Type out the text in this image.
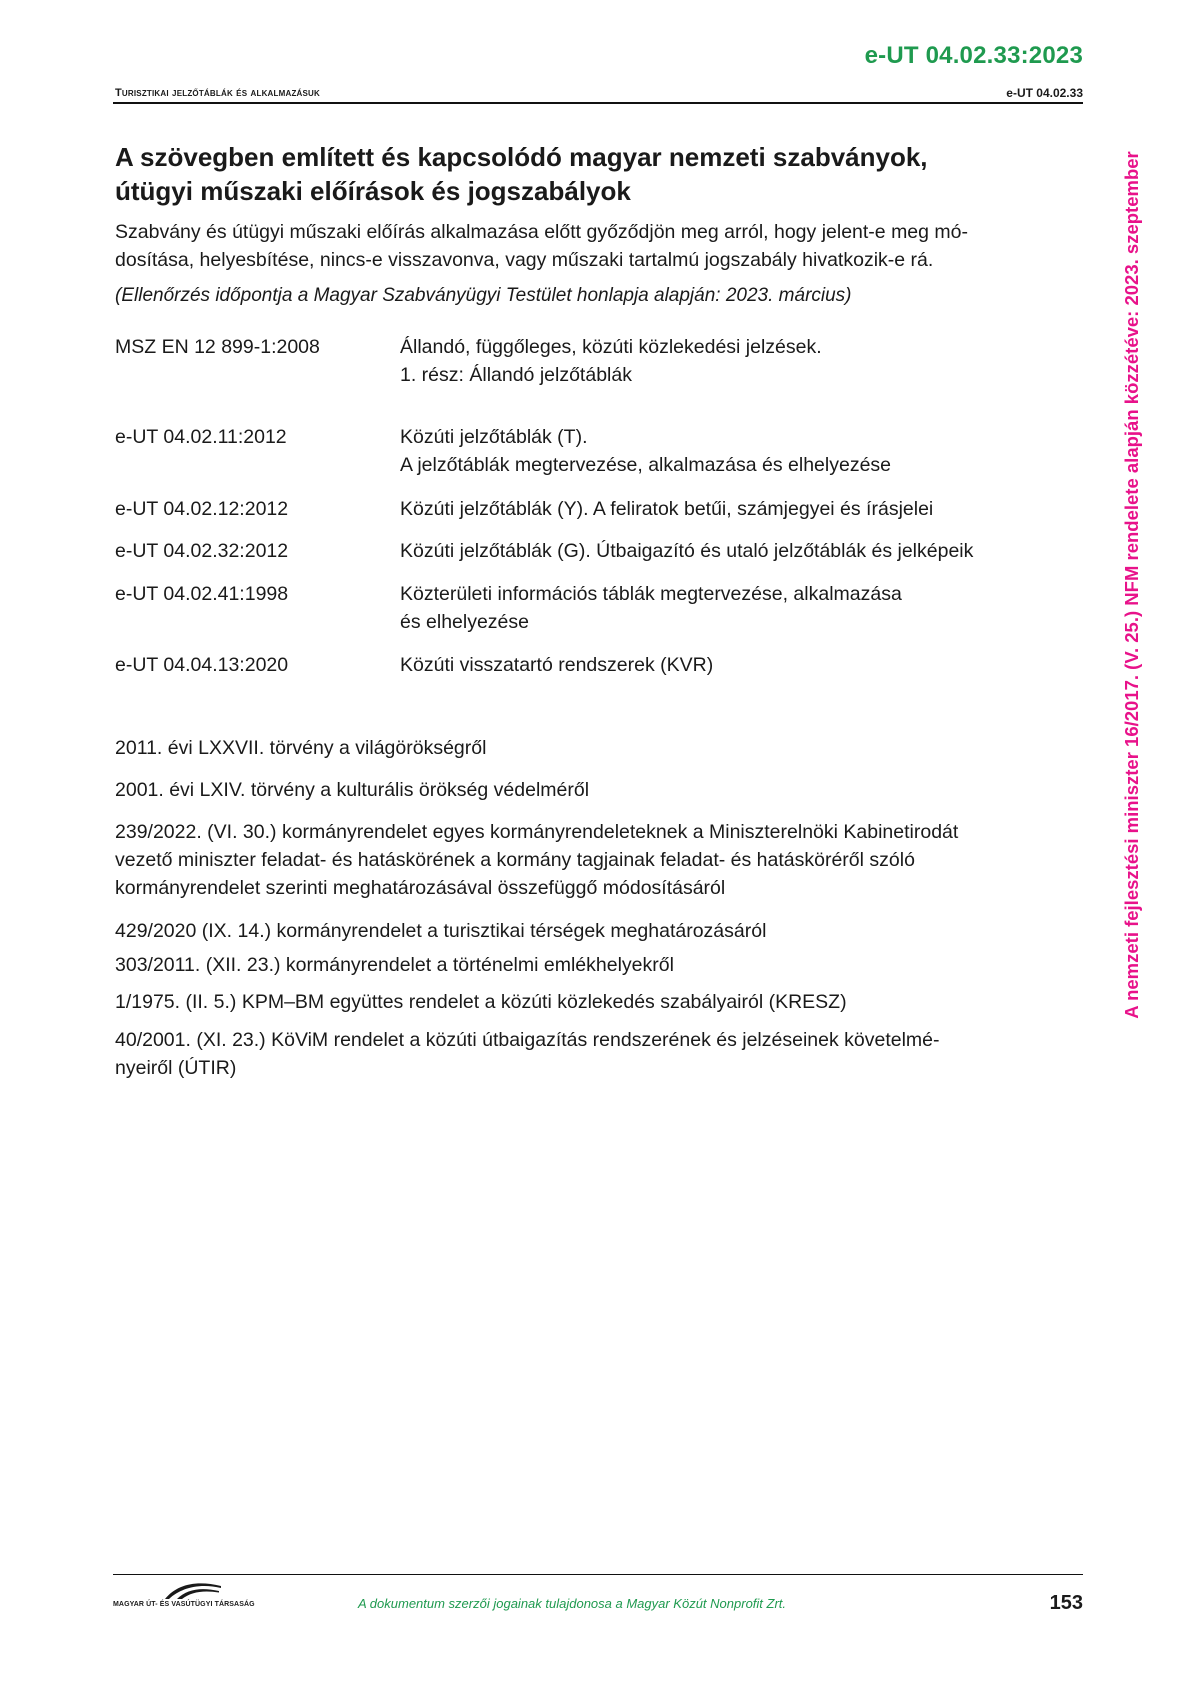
e-UT 04.02.33:2023
Turisztikai jelzőtáblák és alkalmazásuk	e-UT 04.02.33
A szövegben említett és kapcsolódó magyar nemzeti szabványok,
útügyi műszaki előírások és jogszabályok

Szabvány és útügyi műszaki előírás alkalmazása előtt győződjön meg arról, hogy jelent-e meg mó-
dosítása, helyesbítése, nincs-e visszavonva, vagy műszaki tartalmú jogszabály hivatkozik-e rá.

(Ellenőrzés időpontja a Magyar Szabványügyi Testület honlapja alapján: 2023. március)

MSZ EN 12 899-1:2008	Állandó, függőleges, közúti közlekedési jelzések.
1. rész: Állandó jelzőtáblák
e-UT 04.02.11:2012	Közúti jelzőtáblák (T).
A jelzőtáblák megtervezése, alkalmazása és elhelyezése
e-UT 04.02.12:2012	Közúti jelzőtáblák (Y). A feliratok betűi, számjegyei és írásjelei
e-UT 04.02.32:2012	Közúti jelzőtáblák (G). Útbaigazító és utaló jelzőtáblák és jelképeik
e-UT 04.02.41:1998	Közterületi információs táblák megtervezése, alkalmazása
és elhelyezése
e-UT 04.04.13:2020	Közúti visszatartó rendszerek (KVR)

2011. évi LXXVII. törvény a világörökségről

2001. évi LXIV. törvény a kulturális örökség védelméről

239/2022. (VI. 30.) kormányrendelet egyes kormányrendeleteknek a Miniszterelnöki Kabinetirodát
vezető miniszter feladat- és hatáskörének a kormány tagjainak feladat- és hatásköréről szóló
kormányrendelet szerinti meghatározásával összefüggő módosításáról

429/2020 (IX. 14.) kormányrendelet a turisztikai térségek meghatározásáról

303/2011. (XII. 23.) kormányrendelet a történelmi emlékhelyekről

1/1975. (II. 5.) KPM–BM együttes rendelet a közúti közlekedés szabályairól (KRESZ)

40/2001. (XI. 23.) KöViM rendelet a közúti útbaigazítás rendszerének és jelzéseinek követelmé-
nyeiről (ÚTIR)

A nemzeti fejlesztési miniszter 16/2017. (V. 25.) NFM rendelete alapján közzétéve: 2023. szeptember
MAGYAR ÚT- ÉS VASÚTÜGYI TÁRSASÁG	A dokumentum szerzői jogainak tulajdonosa a Magyar Közút Nonprofit Zrt.	153
